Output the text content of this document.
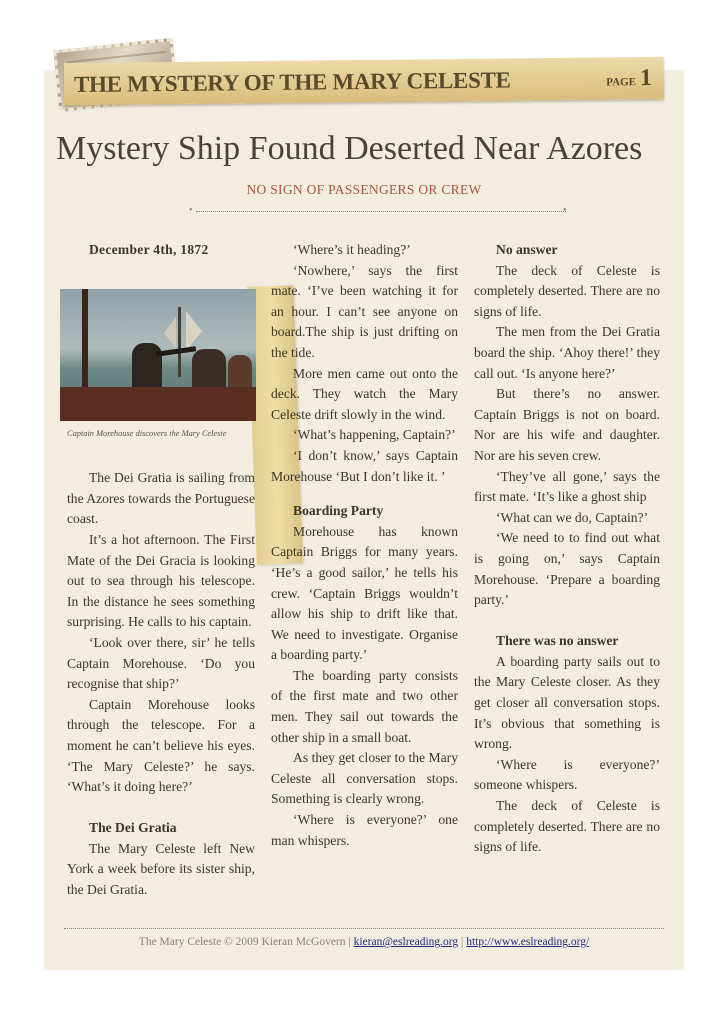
THE MYSTERY OF THE MARY CELESTE	PAGE 1
Mystery Ship Found Deserted Near Azores
NO SIGN OF PASSENGERS OR CREW
•	•
December 4th, 1872

The Dei Gratia is sailing from the Azores towards the Portuguese coast.

It’s a hot afternoon. The First Mate of the Dei Gracia is looking out to sea through his telescope. In the distance he sees something surprising. He calls to his captain.

‘Look over there, sir’ he tells Captain Morehouse. ‘Do you recognise that ship?’

Captain Morehouse looks through the telescope. For a moment he can’t believe his eyes. ‘The Mary Celeste?’ he says. ‘What’s it doing here?’

The Dei Gratia

The Mary Celeste left New York a week before its sister ship, the Dei Gratia.

Captain Morehouse discovers the Mary Celeste

‘Where’s it heading?’

‘Nowhere,’ says the first mate. ‘I’ve been watching it for an hour. I can’t see anyone on board.The ship is just drifting on the tide.

More men came out onto the deck. They watch the Mary Celeste drift slowly in the wind.

‘What’s happening, Captain?’

‘I don’t know,’ says Captain Morehouse ‘But I don’t like it. ’

Boarding Party

Morehouse has known Captain Briggs for many years. ‘He’s a good sailor,’ he tells his crew. ‘Captain Briggs wouldn’t allow his ship to drift like that. We need to investigate. Organise a boarding party.’

The boarding party consists of the first mate and two other men. They sail out towards the other ship in a small boat.

As they get closer to the Mary Celeste all conversation stops. Something is clearly wrong.

‘Where is everyone?’ one man whispers.

No answer

The deck of Celeste is completely deserted. There are no signs of life.

The men from the Dei Gratia board the ship. ‘Ahoy there!’ they call out. ‘Is anyone here?’

But there’s no answer. Captain Briggs is not on board. Nor are his wife and daughter. Nor are his seven crew.

‘They’ve all gone,’ says the first mate. ‘It’s like a ghost ship

‘What can we do, Captain?’

‘We need to to find out what is going on,’ says Captain Morehouse. ‘Prepare a boarding party.’

There was no answer

A boarding party sails out to the Mary Celeste closer. As they get closer all conversation stops. It’s obvious that something is wrong.

‘Where is everyone?’ someone whispers.

The deck of Celeste is completely deserted. There are no signs of life.

The Mary Celeste © 2009 Kieran McGovern | kieran@eslreading.org | http://www.eslreading.org/
